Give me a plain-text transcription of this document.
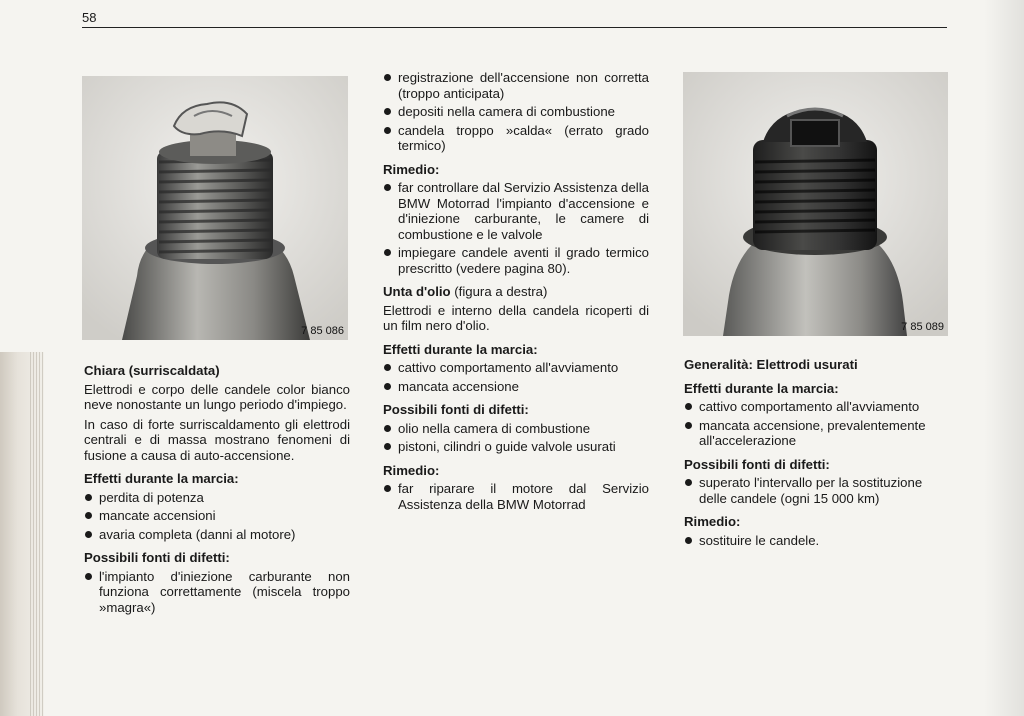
58
7 85 086	7 85 089
Chiara (surriscaldata)

Elettrodi e corpo delle candele color bianco neve nonostante un lungo periodo d'impiego.

In caso di forte surriscaldamento gli elettrodi centrali e di massa mostrano fenomeni di fusione a causa di auto-accensione.

Effetti durante la marcia:
perdita di potenza
mancate accensioni
avaria completa (danni al motore)
Possibili fonti di difetti:
l'impianto d'iniezione carburante non funziona correttamente (miscela troppo »magra«)
registrazione dell'accensione non corretta (troppo anticipata)
depositi nella camera di combustione
candela troppo »calda« (errato grado termico)
Rimedio:
far controllare dal Servizio Assistenza della BMW Motorrad l'impianto d'accensione e d'iniezione carburante, le camere di combustione e le valvole
impiegare candele aventi il grado termico prescritto (vedere pagina 80).
Unta d'olio (figura a destra)

Elettrodi e interno della candela ricoperti di un film nero d'olio.

Effetti durante la marcia:
cattivo comportamento all'avviamento
mancata accensione
Possibili fonti di difetti:
olio nella camera di combustione
pistoni, cilindri o guide valvole usurati
Rimedio:
far riparare il motore dal Servizio Assistenza della BMW Motorrad
Generalità: Elettrodi usurati
Effetti durante la marcia:
cattivo comportamento all'avviamento
mancata accensione, prevalentemente all'accelerazione
Possibili fonti di difetti:
superato l'intervallo per la sostituzione delle candele (ogni 15 000 km)
Rimedio:
sostituire le candele.
